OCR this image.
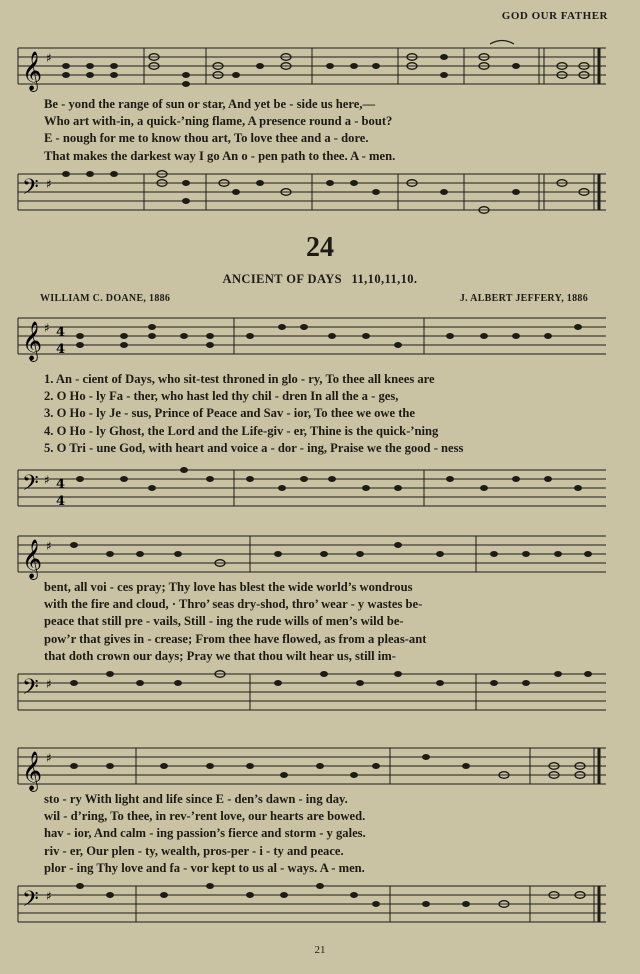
GOD OUR FATHER
𝄞 ♯
Be - yond the range of sun or star, And yet be - side us here,—
Who art with-in, a quick-’ning flame, A presence round a - bout?
E - nough for me to know thou art, To love thee and a - dore.
That makes the darkest way I go An o - pen path to thee. A - men.
𝄢 ♯
24
ANCIENT OF DAYS 11,10,11,10.
WILLIAM C. DOANE, 1886	J. ALBERT JEFFERY, 1886
𝄞 ♯ 4
4
1. An - cient of Days, who sit-test throned in glo - ry, To thee all knees are
2. O Ho - ly Fa - ther, who hast led thy chil - dren In all the a - ges,
3. O Ho - ly Je - sus, Prince of Peace and Sav - ior, To thee we owe the
4. O Ho - ly Ghost, the Lord and the Life-giv - er, Thine is the quick-’ning
5. O Tri - une God, with heart and voice a - dor - ing, Praise we the good - ness
𝄢 ♯ 4
4
𝄞 ♯
bent, all voi - ces pray; Thy love has blest the wide world’s wondrous
with the fire and cloud, · Thro’ seas dry-shod, thro’ wear - y wastes be-
peace that still pre - vails, Still - ing the rude wills of men’s wild be-
pow’r that gives in - crease; From thee have flowed, as from a pleas-ant
that doth crown our days; Pray we that thou wilt hear us, still im-
𝄢 ♯
𝄞 ♯
sto - ry With light and life since E - den’s dawn - ing day.
wil - d’ring, To thee, in rev-’rent love, our hearts are bowed.
hav - ior, And calm - ing passion’s fierce and storm - y gales.
riv - er, Our plen - ty, wealth, pros-per - i - ty and peace.
plor - ing Thy love and fa - vor kept to us al - ways. A - men.
𝄢 ♯
21
